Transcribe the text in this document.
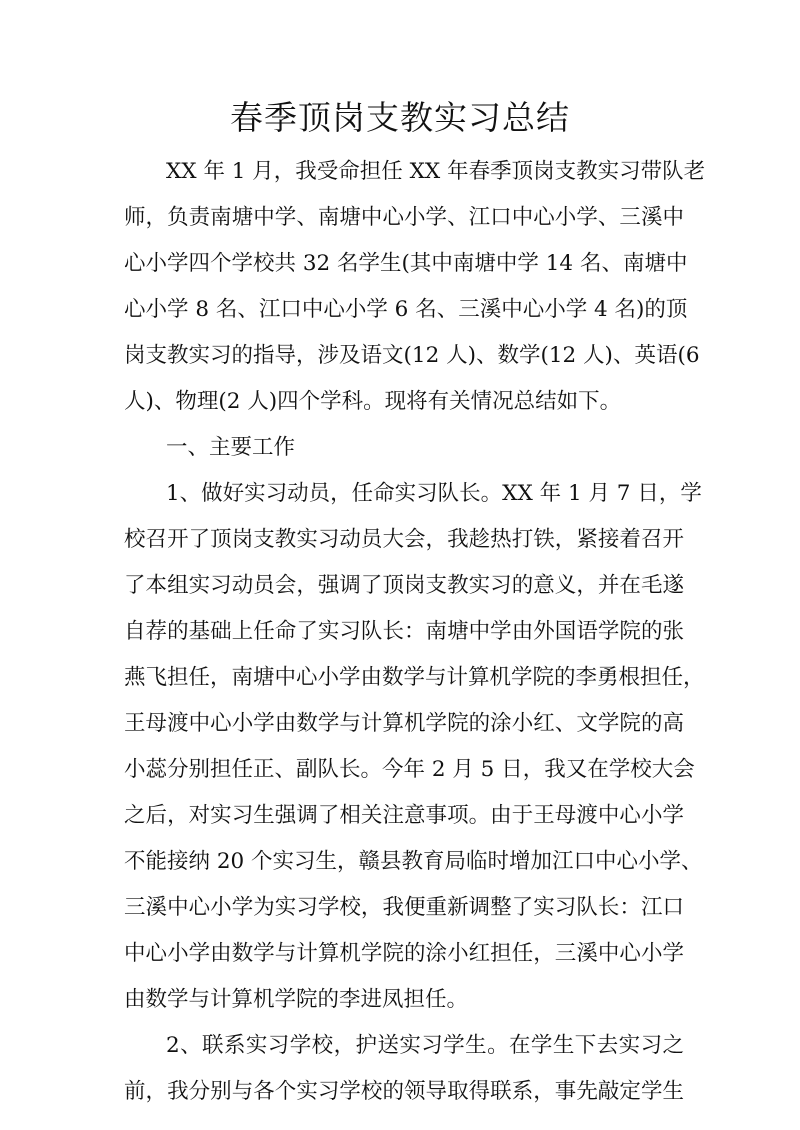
春季顶岗支教实习总结
XX 年 1 月，我受命担任 XX 年春季顶岗支教实习带队老
师，负责南塘中学、南塘中心小学、江口中心小学、三溪中
心小学四个学校共 32 名学生(其中南塘中学 14 名、南塘中
心小学 8 名、江口中心小学 6 名、三溪中心小学 4 名)的顶
岗支教实习的指导，涉及语文(12 人)、数学(12 人)、英语(6
人)、物理(2 人)四个学科。现将有关情况总结如下。
一、主要工作
1、做好实习动员，任命实习队长。XX 年 1 月 7 日，学
校召开了顶岗支教实习动员大会，我趁热打铁，紧接着召开
了本组实习动员会，强调了顶岗支教实习的意义，并在毛遂
自荐的基础上任命了实习队长：南塘中学由外国语学院的张
燕飞担任，南塘中心小学由数学与计算机学院的李勇根担任，
王母渡中心小学由数学与计算机学院的涂小红、文学院的高
小蕊分别担任正、副队长。今年 2 月 5 日，我又在学校大会
之后，对实习生强调了相关注意事项。由于王母渡中心小学
不能接纳 20 个实习生，赣县教育局临时增加江口中心小学、
三溪中心小学为实习学校，我便重新调整了实习队长：江口
中心小学由数学与计算机学院的涂小红担任，三溪中心小学
由数学与计算机学院的李进凤担任。
2、联系实习学校，护送实习学生。在学生下去实习之
前，我分别与各个实习学校的领导取得联系，事先敲定学生
